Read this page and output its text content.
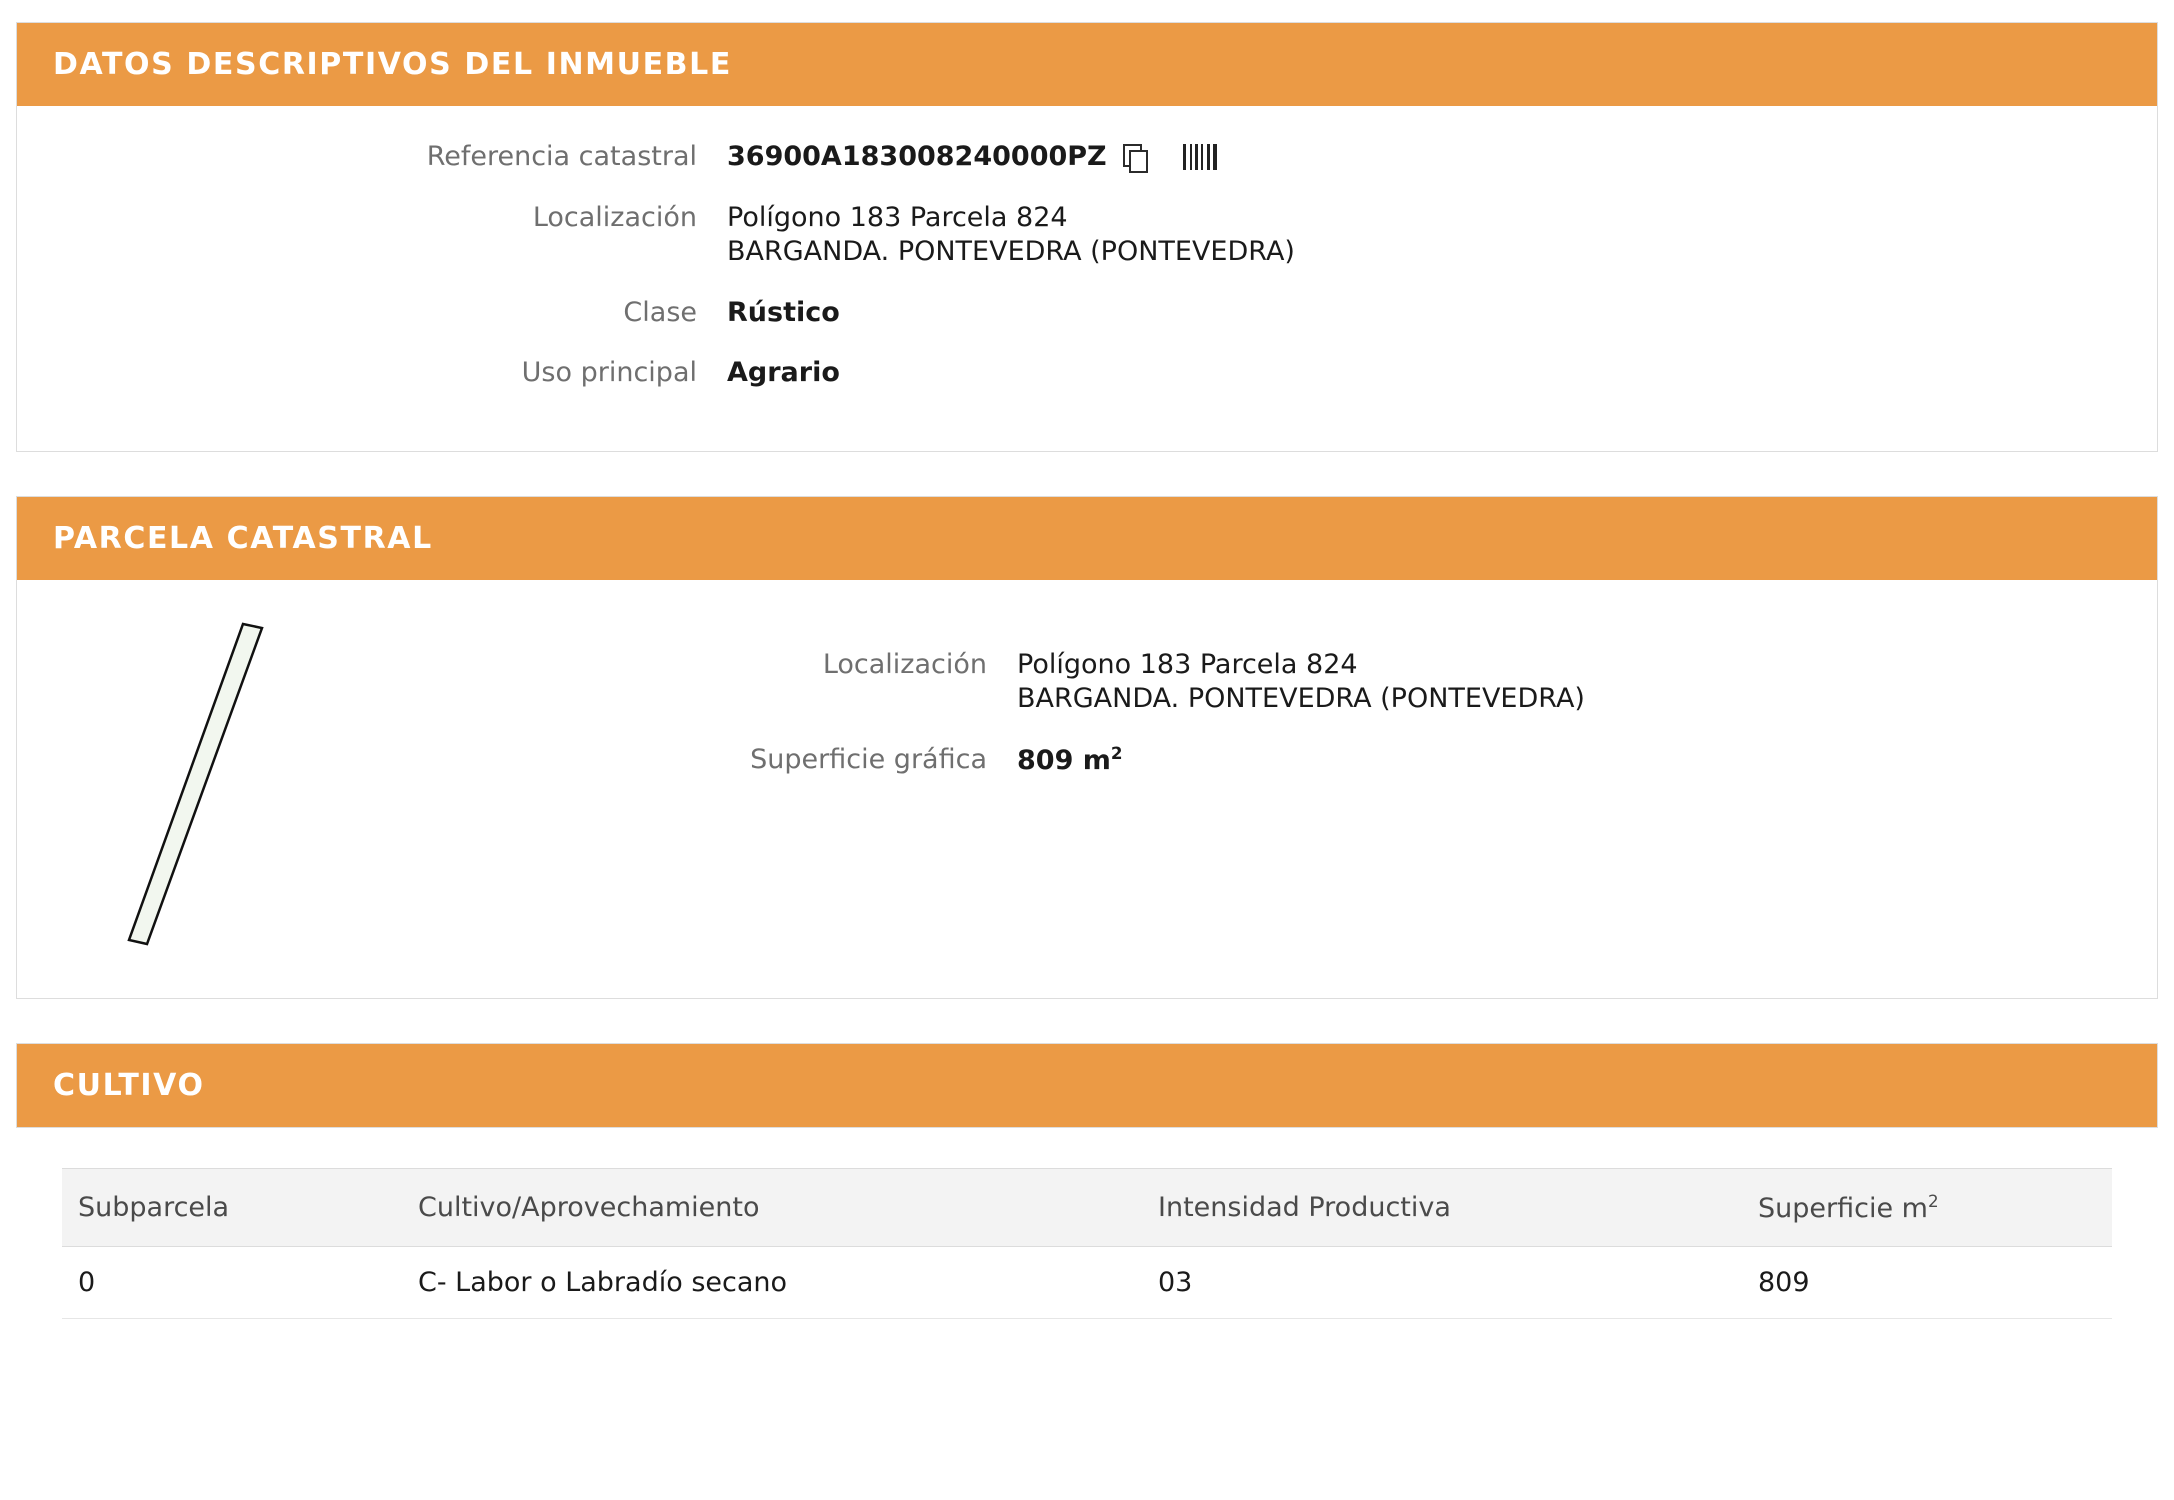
DATOS DESCRIPTIVOS DEL INMUEBLE
Referencia catastral	36900A183008240000PZ

Localización	Polígono 183 Parcela 824
BARGANDA. PONTEVEDRA (PONTEVEDRA)

Clase	Rústico
Uso principal	Agrario
PARCELA CATASTRAL
Localización	Polígono 183 Parcela 824
BARGANDA. PONTEVEDRA (PONTEVEDRA)

Superficie gráfica	809 $m^2$
CULTIVO
Subparcela	Cultivo/Aprovechamiento	Intensidad Productiva	Superficie $m^2$
0	C- Labor o Labradío secano	03	809
